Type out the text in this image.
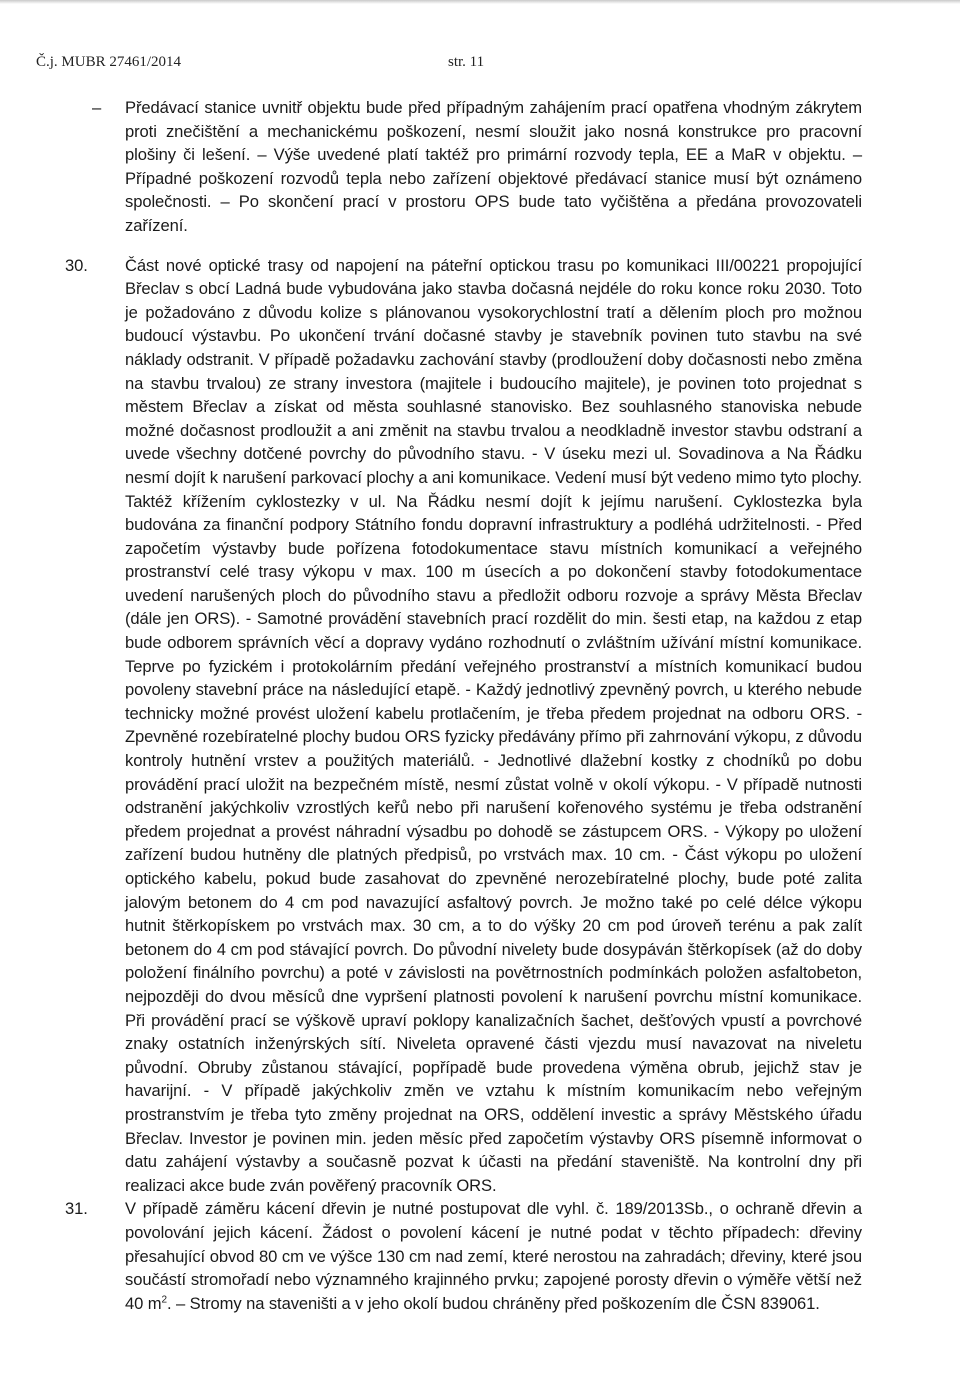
Č.j. MUBR 27461/2014	str. 11
– Předávací stanice uvnitř objektu bude před případným zahájením prací opatřena vhodným zákrytem proti znečištění a mechanickému poškození, nesmí sloužit jako nosná konstrukce pro pracovní plošiny či lešení. – Výše uvedené platí taktéž pro primární rozvody tepla, EE a MaR v objektu. – Případné poškození rozvodů tepla nebo zařízení objektové předávací stanice musí být oznámeno společnosti. – Po skončení prací v prostoru OPS bude tato vyčištěna a předána provozovateli zařízení.
30. Část nové optické trasy od napojení na páteřní optickou trasu po komunikaci III/00221 propojující Břeclav s obcí Ladná bude vybudována jako stavba dočasná nejdéle do roku konce roku 2030. Toto je požadováno z důvodu kolize s plánovanou vysokorychlostní tratí a dělením ploch pro možnou budoucí výstavbu. Po ukončení trvání dočasné stavby je stavebník povinen tuto stavbu na své náklady odstranit. V případě požadavku zachování stavby (prodloužení doby dočasnosti nebo změna na stavbu trvalou) ze strany investora (majitele i budoucího majitele), je povinen toto projednat s městem Břeclav a získat od města souhlasné stanovisko. Bez souhlasného stanoviska nebude možné dočasnost prodloužit a ani změnit na stavbu trvalou a neodkladně investor stavbu odstraní a uvede všechny dotčené povrchy do původního stavu. - V úseku mezi ul. Sovadinova a Na Řádku nesmí dojít k narušení parkovací plochy a ani komunikace. Vedení musí být vedeno mimo tyto plochy. Taktéž křížením cyklostezky v ul. Na Řádku nesmí dojít k jejímu narušení. Cyklostezka byla budována za finanční podpory Státního fondu dopravní infrastruktury a podléhá udržitelnosti. - Před započetím výstavby bude pořízena fotodokumentace stavu místních komunikací a veřejného prostranství celé trasy výkopu v max. 100 m úsecích a po dokončení stavby fotodokumentace uvedení narušených ploch do původního stavu a předložit odboru rozvoje a správy Města Břeclav (dále jen ORS). - Samotné provádění stavebních prací rozdělit do min. šesti etap, na každou z etap bude odborem správních věcí a dopravy vydáno rozhodnutí o zvláštním užívání místní komunikace. Teprve po fyzickém i protokolárním předání veřejného prostranství a místních komunikací budou povoleny stavební práce na následující etapě. - Každý jednotlivý zpevněný povrch, u kterého nebude technicky možné provést uložení kabelu protlačením, je třeba předem projednat na odboru ORS. - Zpevněné rozebíratelné plochy budou ORS fyzicky předávány přímo při zahrnování výkopu, z důvodu kontroly hutnění vrstev a použitých materiálů. - Jednotlivé dlažební kostky z chodníků po dobu provádění prací uložit na bezpečném místě, nesmí zůstat volně v okolí výkopu. - V případě nutnosti odstranění jakýchkoliv vzrostlých keřů nebo při narušení kořenového systému je třeba odstranění předem projednat a provést náhradní výsadbu po dohodě se zástupcem ORS. - Výkopy po uložení zařízení budou hutněny dle platných předpisů, po vrstvách max. 10 cm. - Část výkopu po uložení optického kabelu, pokud bude zasahovat do zpevněné nerozebíratelné plochy, bude poté zalita jalovým betonem do 4 cm pod navazující asfaltový povrch. Je možno také po celé délce výkopu hutnit štěrkopískem po vrstvách max. 30 cm, a to do výšky 20 cm pod úroveň terénu a pak zalít betonem do 4 cm pod stávající povrch. Do původní nivelety bude dosypáván štěrkopísek (až do doby položení finálního povrchu) a poté v závislosti na povětrnostních podmínkách položen asfaltobeton, nejpozději do dvou měsíců dne vypršení platnosti povolení k narušení povrchu místní komunikace. Při provádění prací se výškově upraví poklopy kanalizačních šachet, dešťových vpustí a povrchové znaky ostatních inženýrských sítí. Niveleta opravené části vjezdu musí navazovat na niveletu původní. Obruby zůstanou stávající, popřípadě bude provedena výměna obrub, jejichž stav je havarijní. - V případě jakýchkoliv změn ve vztahu k místním komunikacím nebo veřejným prostranstvím je třeba tyto změny projednat na ORS, oddělení investic a správy Městského úřadu Břeclav. Investor je povinen min. jeden měsíc před započetím výstavby ORS písemně informovat o datu zahájení výstavby a současně pozvat k účasti na předání staveniště. Na kontrolní dny při realizaci akce bude zván pověřený pracovník ORS.
31. V případě záměru kácení dřevin je nutné postupovat dle vyhl. č. 189/2013Sb., o ochraně dřevin a povolování jejich kácení. Žádost o povolení kácení je nutné podat v těchto případech: dřeviny přesahující obvod 80 cm ve výšce 130 cm nad zemí, které nerostou na zahradách; dřeviny, které jsou součástí stromořadí nebo významného krajinného prvku; zapojené porosty dřevin o výměře větší než 40 $m^2$. – Stromy na staveništi a v jeho okolí budou chráněny před poškozením dle ČSN 839061.
